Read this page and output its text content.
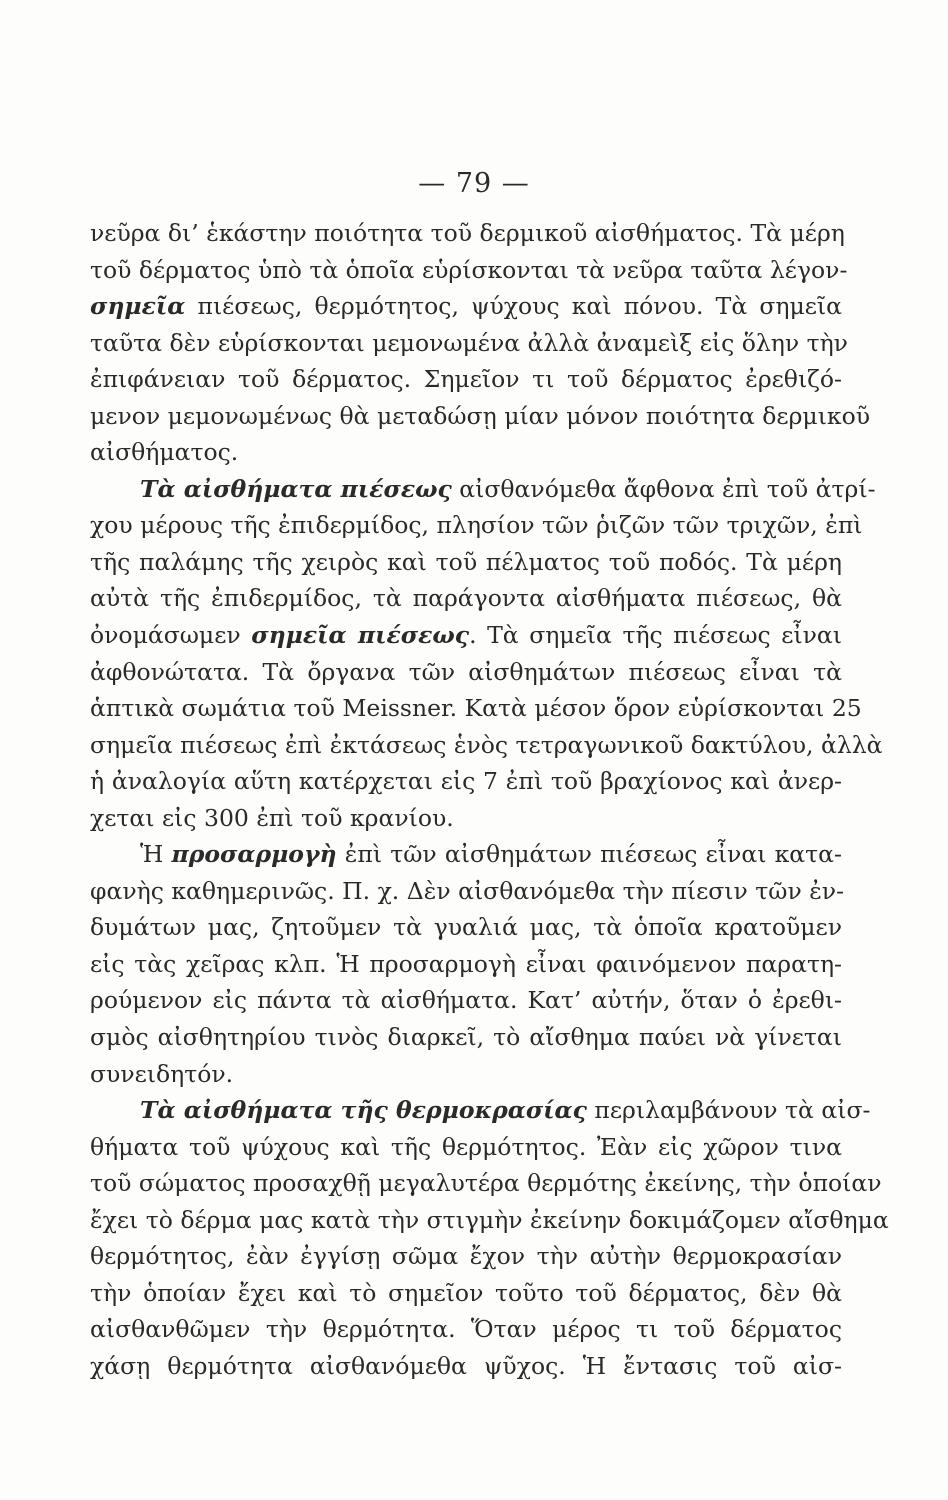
— 79 —
νεῦρα δι’ ἑκάστην ποιότητα τοῦ δερμικοῦ αἰσθήματος. Τὰ μέρη
τοῦ δέρματος ὑπὸ τὰ ὁποῖα εὑρίσκονται τὰ νεῦρα ταῦτα λέγον-
σημεῖα πιέσεως, θερμότητος, ψύχους καὶ πόνου. Τὰ σημεῖα
ταῦτα δὲν εὑρίσκονται μεμονωμένα ἀλλὰ ἀναμεὶξ εἰς ὅλην τὴν
ἐπιφάνειαν τοῦ δέρματος. Σημεῖον τι τοῦ δέρματος ἐρεθιζό-
μενον μεμονωμένως θὰ μεταδώσῃ μίαν μόνον ποιότητα δερμικοῦ
αἰσθήματος.
Τὰ αἰσθήματα πιέσεως αἰσθανόμεθα ἄφθονα ἐπὶ τοῦ ἀτρί-
χου μέρους τῆς ἐπιδερμίδος, πλησίον τῶν ῥιζῶν τῶν τριχῶν, ἐπὶ
τῆς παλάμης τῆς χειρὸς καὶ τοῦ πέλματος τοῦ ποδός. Τὰ μέρη
αὐτὰ τῆς ἐπιδερμίδος, τὰ παράγοντα αἰσθήματα πιέσεως, θὰ
ὀνομάσωμεν σημεῖα πιέσεως. Τὰ σημεῖα τῆς πιέσεως εἶναι
ἀφθονώτατα. Τὰ ὄργανα τῶν αἰσθημάτων πιέσεως εἶναι τὰ
ἁπτικὰ σωμάτια τοῦ Meissner. Κατὰ μέσον ὅρον εὑρίσκονται 25
σημεῖα πιέσεως ἐπὶ ἐκτάσεως ἑνὸς τετραγωνικοῦ δακτύλου, ἀλλὰ
ἡ ἀναλογία αὕτη κατέρχεται εἰς 7 ἐπὶ τοῦ βραχίονος καὶ ἀνερ-
χεται εἰς 300 ἐπὶ τοῦ κρανίου.
Ἡ προσαρμογὴ ἐπὶ τῶν αἰσθημάτων πιέσεως εἶναι κατα-
φανὴς καθημερινῶς. Π. χ. Δὲν αἰσθανόμεθα τὴν πίεσιν τῶν ἐν-
δυμάτων μας, ζητοῦμεν τὰ γυαλιά μας, τὰ ὁποῖα κρατοῦμεν
εἰς τὰς χεῖρας κλπ. Ἡ προσαρμογὴ εἶναι φαινόμενον παρατη-
ρούμενον εἰς πάντα τὰ αἰσθήματα. Κατ’ αὐτήν, ὅταν ὁ ἐρεθι-
σμὸς αἰσθητηρίου τινὸς διαρκεῖ, τὸ αἴσθημα παύει νὰ γίνεται
συνειδητόν.
Τὰ αἰσθήματα τῆς θερμοκρασίας περιλαμβάνουν τὰ αἰσ-
θήματα τοῦ ψύχους καὶ τῆς θερμότητος. Ἐὰν εἰς χῶρον τινα
τοῦ σώματος προσαχθῇ μεγαλυτέρα θερμότης ἐκείνης, τὴν ὁποίαν
ἔχει τὸ δέρμα μας κατὰ τὴν στιγμὴν ἐκείνην δοκιμάζομεν αἴσθημα
θερμότητος, ἐὰν ἐγγίσῃ σῶμα ἔχον τὴν αὐτὴν θερμοκρασίαν
τὴν ὁποίαν ἔχει καὶ τὸ σημεῖον τοῦτο τοῦ δέρματος, δὲν θὰ
αἰσθανθῶμεν τὴν θερμότητα. Ὅταν μέρος τι τοῦ δέρματος
χάσῃ θερμότητα αἰσθανόμεθα ψῦχος. Ἡ ἔντασις τοῦ αἰσ-
